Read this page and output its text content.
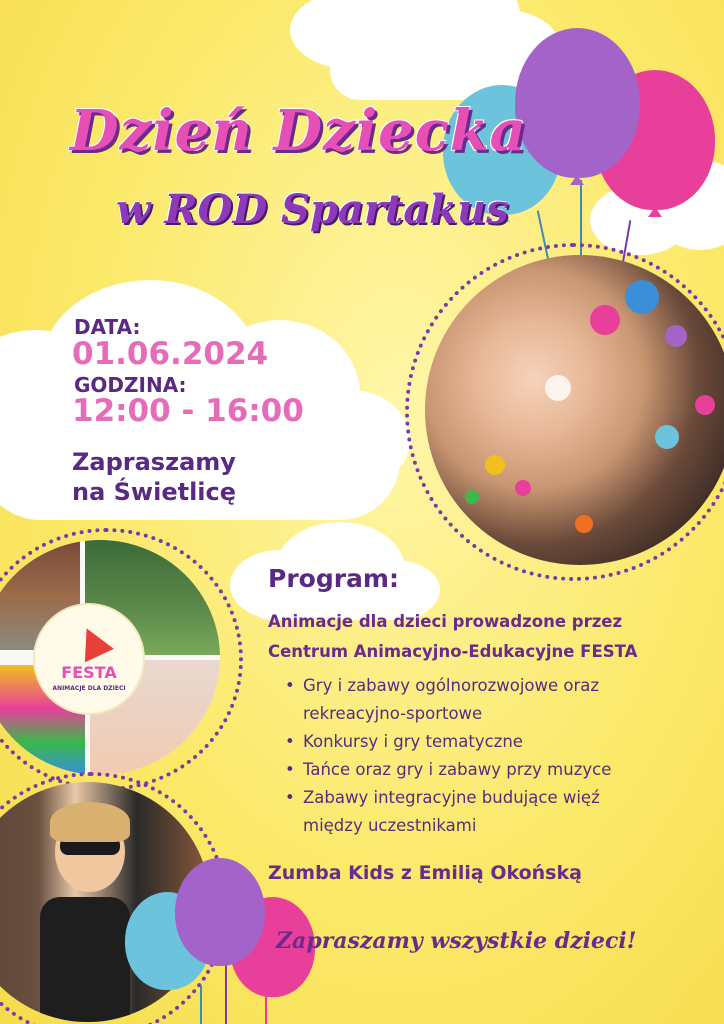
Dzień Dziecka
w ROD Spartakus
DATA:
01.06.2024
GODZINA:
12:00 - 16:00
Zapraszamy
na Świetlicę
FESTA
ANIMACJE DLA DZIECI
Program:
Animacje dla dzieci prowadzone przez
Centrum Animacyjno-Edukacyjne FESTA
• Gry i zabawy ogólnorozwojowe oraz
rekreacyjno-sportowe
• Konkursy i gry tematyczne
• Tańce oraz gry i zabawy przy muzyce
• Zabawy integracyjne budujące więź
między uczestnikami
Zumba Kids z Emilią Okońską
Zapraszamy wszystkie dzieci!
